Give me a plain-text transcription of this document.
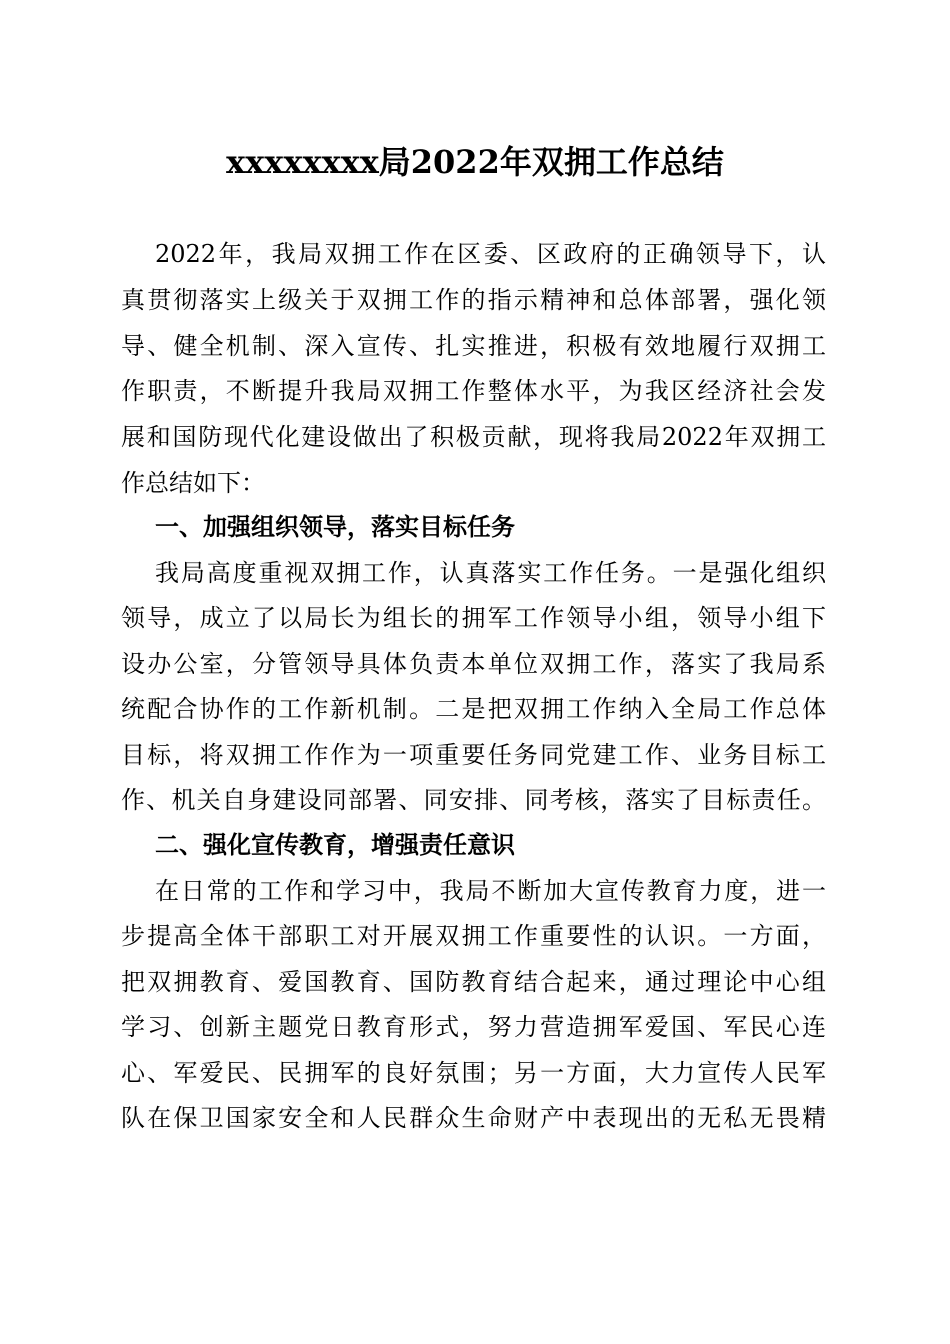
xxxxxxxx局2022年双拥工作总结

2022年，我局双拥工作在区委、区政府的正确领导下，认

真贯彻落实上级关于双拥工作的指示精神和总体部署，强化领

导、健全机制、深入宣传、扎实推进，积极有效地履行双拥工

作职责，不断提升我局双拥工作整体水平，为我区经济社会发

展和国防现代化建设做出了积极贡献，现将我局2022年双拥工

作总结如下：

一、加强组织领导，落实目标任务

我局高度重视双拥工作，认真落实工作任务。一是强化组织

领导，成立了以局长为组长的拥军工作领导小组，领导小组下

设办公室，分管领导具体负责本单位双拥工作，落实了我局系

统配合协作的工作新机制。二是把双拥工作纳入全局工作总体

目标，将双拥工作作为一项重要任务同党建工作、业务目标工

作、机关自身建设同部署、同安排、同考核，落实了目标责任。

二、强化宣传教育，增强责任意识

在日常的工作和学习中，我局不断加大宣传教育力度，进一

步提高全体干部职工对开展双拥工作重要性的认识。一方面，

把双拥教育、爱国教育、国防教育结合起来，通过理论中心组

学习、创新主题党日教育形式，努力营造拥军爱国、军民心连

心、军爱民、民拥军的良好氛围；另一方面，大力宣传人民军

队在保卫国家安全和人民群众生命财产中表现出的无私无畏精
